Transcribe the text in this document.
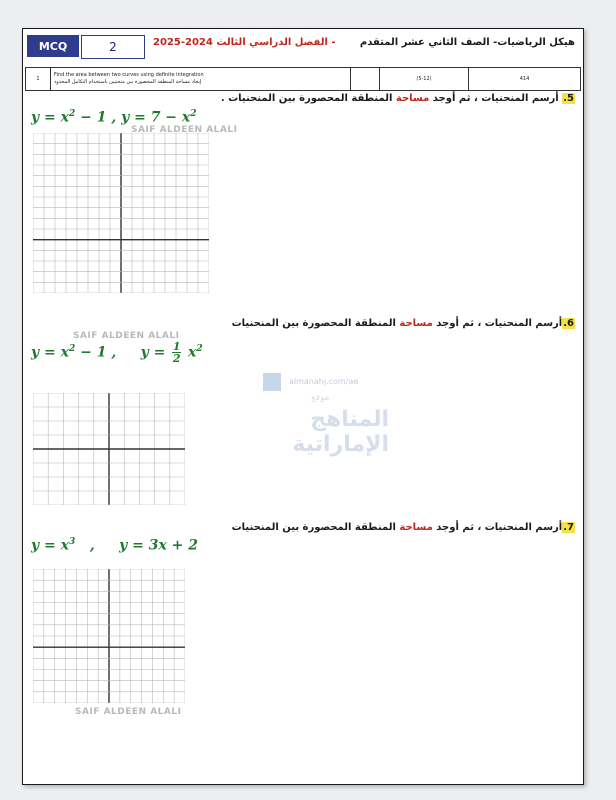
MCQ	2	- الفصل الدراسي الثالث 2024-2025 هيكل الرياضيات- الصف الثاني عشر المتقدم
1
Find the area between two curves using definite integration
إيجاد مساحة المنطقة المحصورة بين منحنيين باستخدام التكامل المحدود	(5-12)	414
5. أرسم المنحنيات ، ثم أوجد مساحة المنطقة المحصورة بين المنحنيات .
$y = x^2 - 1$ , $y = 7 - x^2$
SAIF ALDEEN ALALI
6.أرسم المنحنيات ، ثم أوجد مساحة المنطقة المحصورة بين المنحنيات
$y = x^2 - 1$ ,     $y = \frac{1}{2} x^2$
SAIF ALDEEN ALALI
almanahj.com/ae
موقع
المناهج الإماراتية
7.أرسم المنحنيات ، ثم أوجد مساحة المنطقة المحصورة بين المنحنيات
$y = x^3$   ,     y = 3x + 2
SAIF ALDEEN ALALI
